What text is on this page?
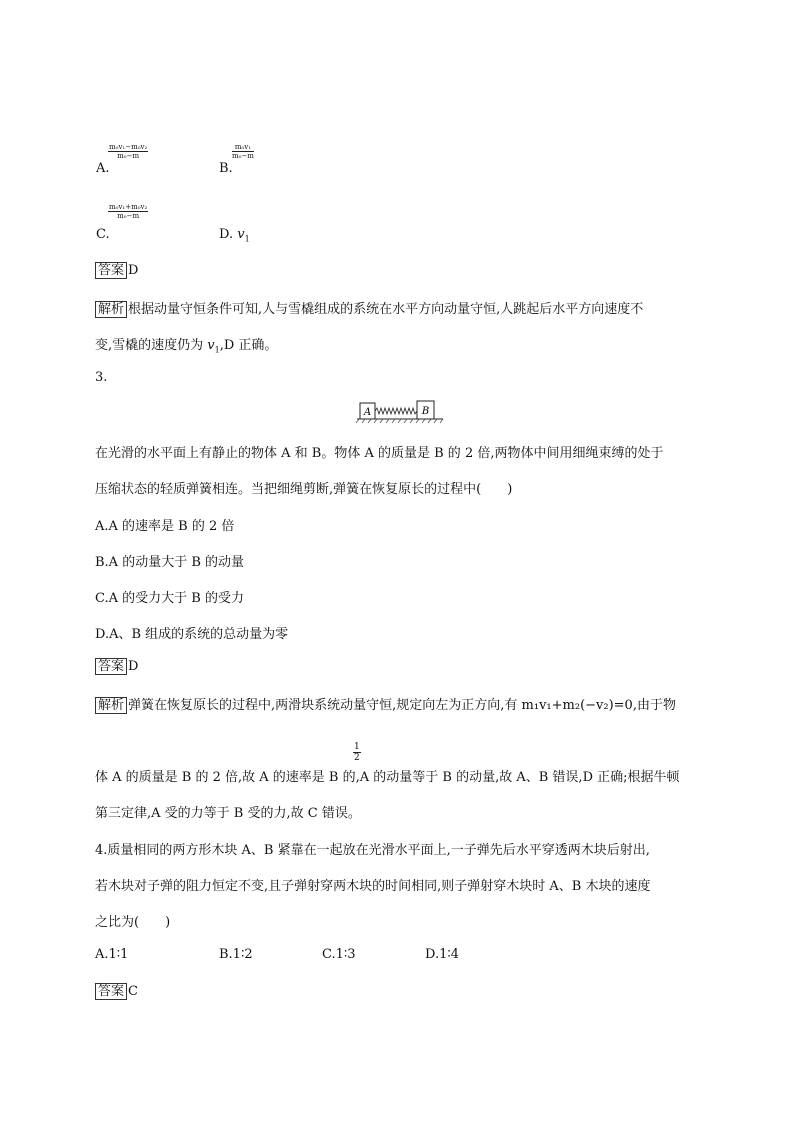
A.
$\frac{\text{m₀v₁−m₀v₂}}{\text{m₀−m}}$
B.
$\frac{\text{m₀v₁}}{\text{m₀−m}}$
C.
$\frac{\text{m₀v₁+m₀v₂}}{\text{m₀−m}}$
D. $v_1$
答案 D
解析 根据动量守恒条件可知,人与雪橇组成的系统在水平方向动量守恒,人跳起后水平方向速度不
变,雪橇的速度仍为 $v_1,D$ 正确。
3.
A	B
在光滑的水平面上有静止的物体 A 和 B。物体 A 的质量是 B 的 2 倍,两物体中间用细绳束缚的处于
压缩状态的轻质弹簧相连。当把细绳剪断,弹簧在恢复原长的过程中(　　)
A.A 的速率是 B 的 2 倍
B.A 的动量大于 B 的动量
C.A 的受力大于 B 的受力
D.A、B 组成的系统的总动量为零
答案 D
解析 弹簧在恢复原长的过程中,两滑块系统动量守恒,规定向左为正方向,有 m₁v₁+m₂(−v₂)=0,由于物
$\frac{1}{2}$
体 A 的质量是 B 的 2 倍,故 A 的速率是 B 的,A 的动量等于 B 的动量,故 A、B 错误,D 正确;根据牛顿
第三定律,A 受的力等于 B 受的力,故 C 错误。
4.质量相同的两方形木块 A、B 紧靠在一起放在光滑水平面上,一子弹先后水平穿透两木块后射出,
若木块对子弹的阻力恒定不变,且子弹射穿两木块的时间相同,则子弹射穿木块时 A、B 木块的速度
之比为(　　)
A.1∶1	B.1∶2	C.1∶3	D.1∶4
答案 C
